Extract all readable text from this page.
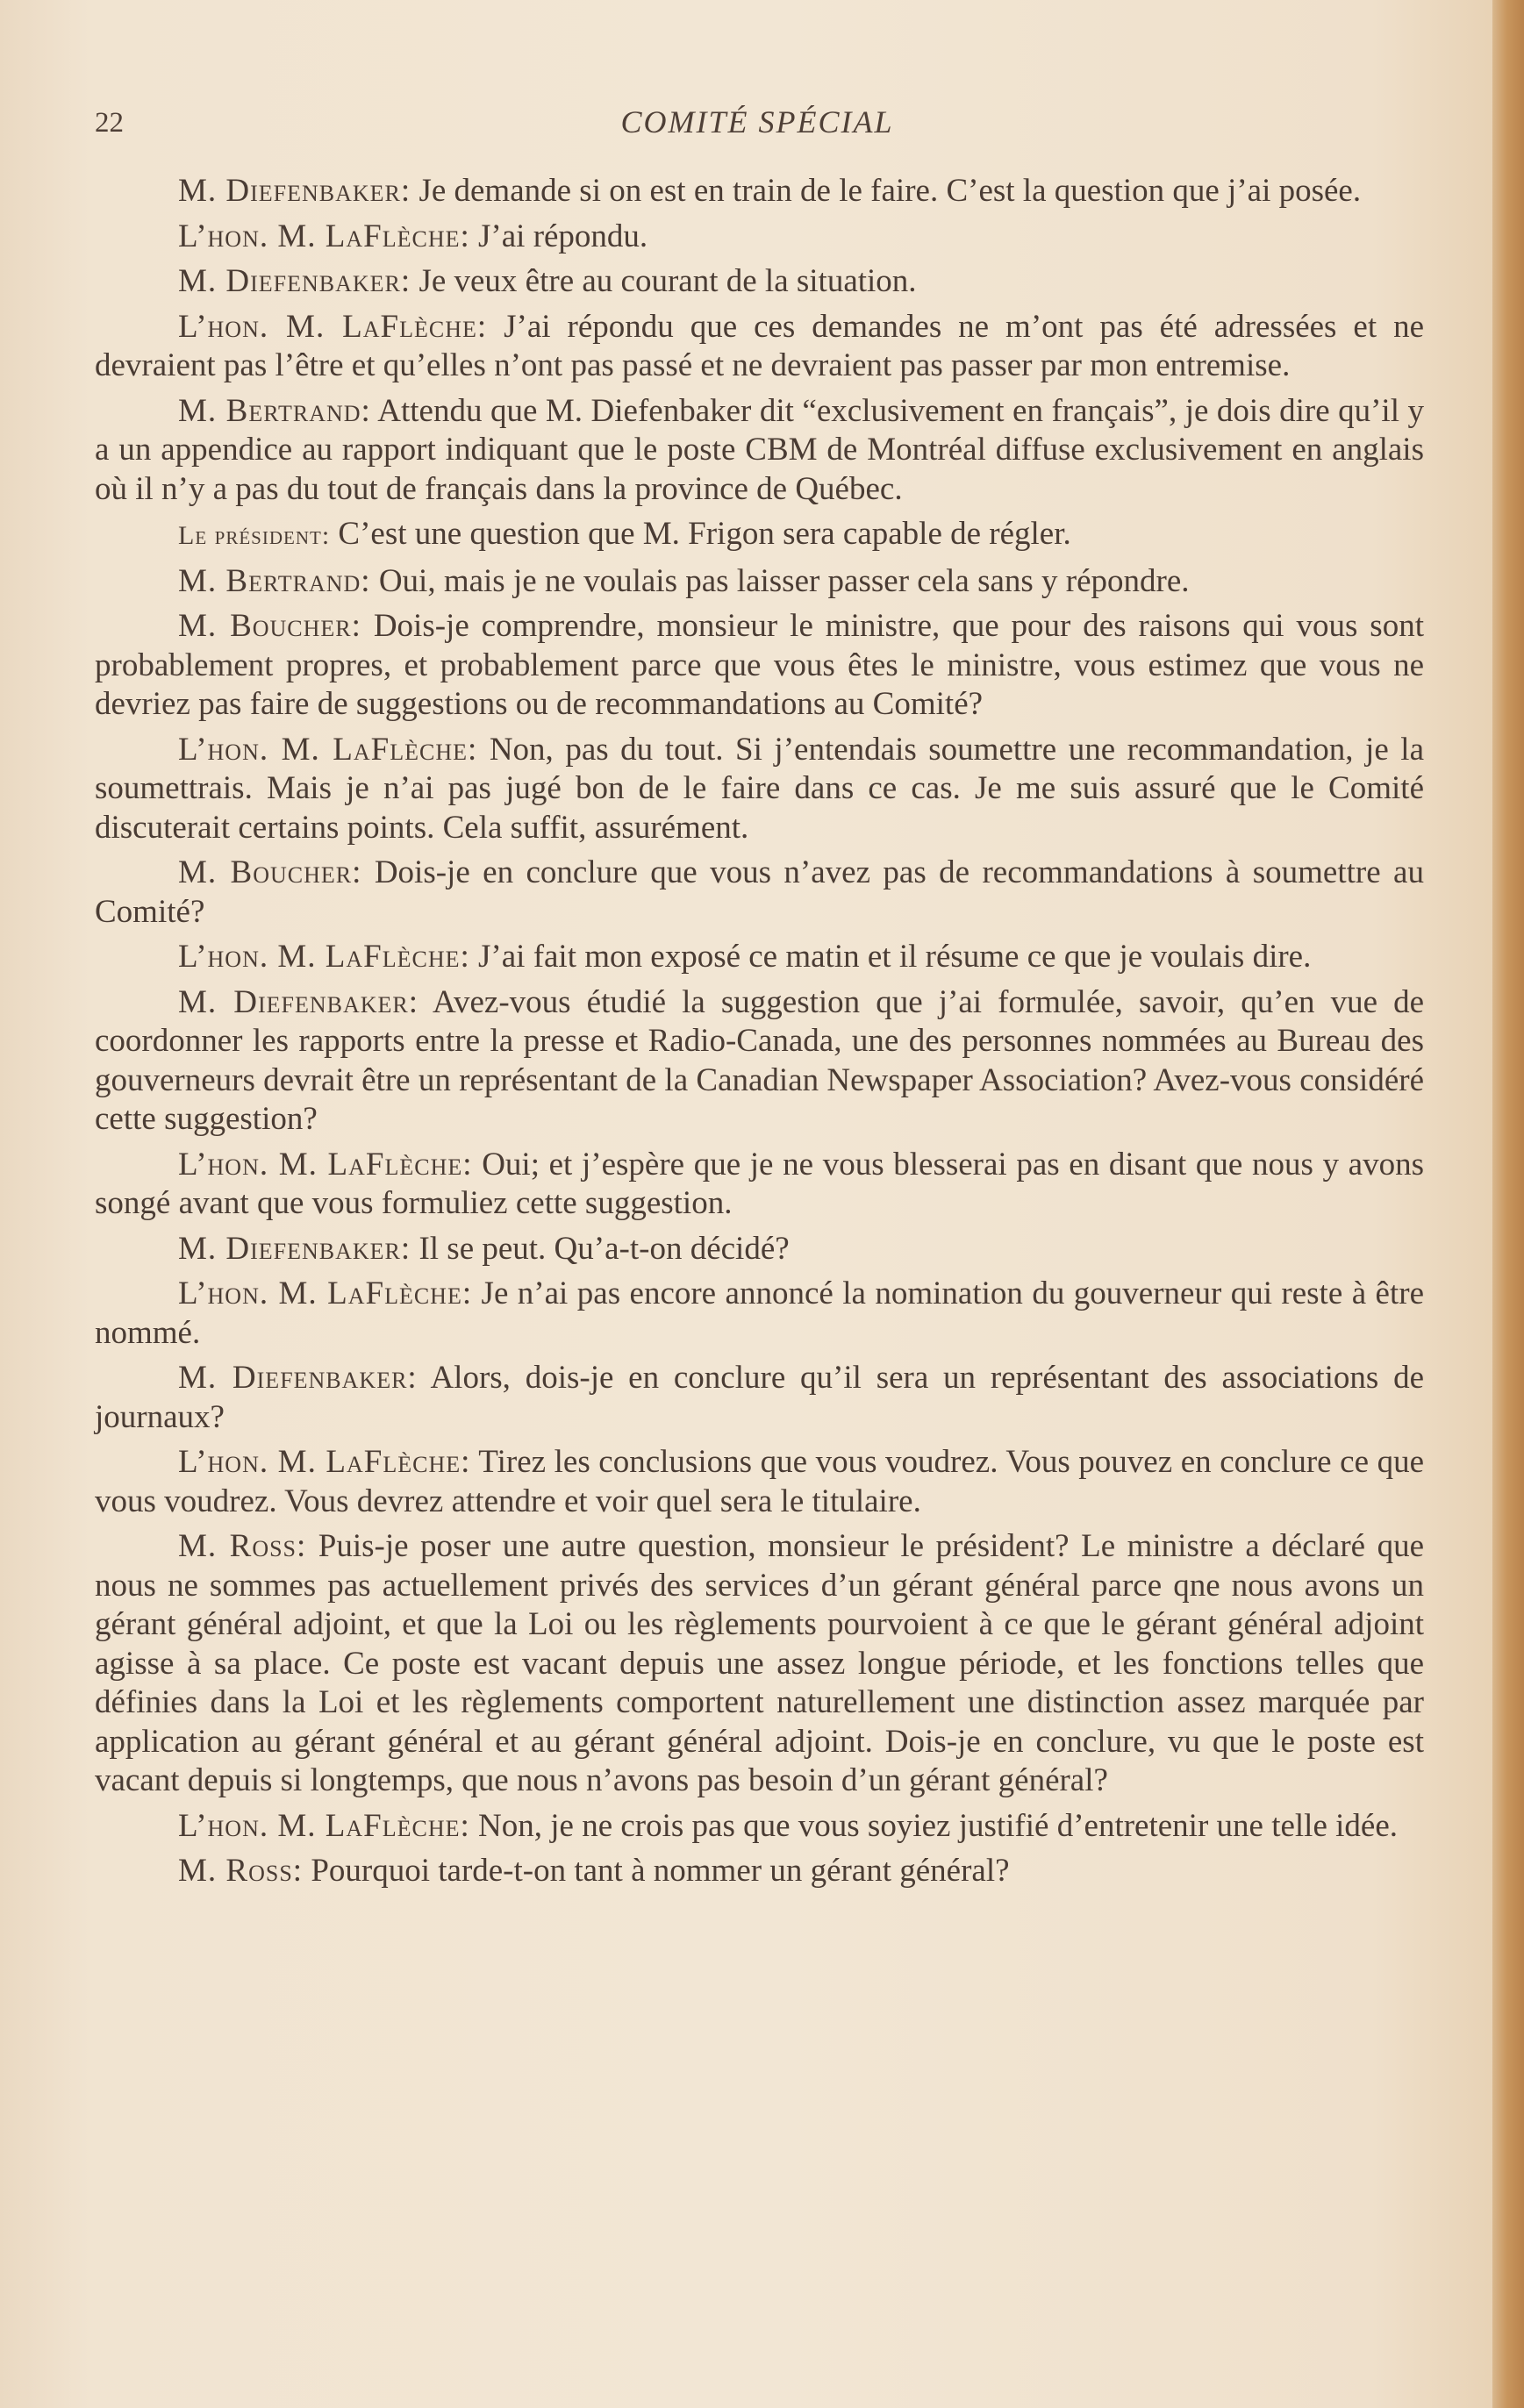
22	COMITÉ SPÉCIAL

M. Diefenbaker: Je demande si on est en train de le faire. C’est la question que j’ai posée.

L’hon. M. LaFlèche: J’ai répondu.

M. Diefenbaker: Je veux être au courant de la situation.

L’hon. M. LaFlèche: J’ai répondu que ces demandes ne m’ont pas été adressées et ne devraient pas l’être et qu’elles n’ont pas passé et ne devraient pas passer par mon entremise.

M. Bertrand: Attendu que M. Diefenbaker dit “exclusivement en français”, je dois dire qu’il y a un appendice au rapport indiquant que le poste CBM de Montréal diffuse exclusivement en anglais où il n’y a pas du tout de français dans la province de Québec.

Le président: C’est une question que M. Frigon sera capable de régler.

M. Bertrand: Oui, mais je ne voulais pas laisser passer cela sans y répondre.

M. Boucher: Dois-je comprendre, monsieur le ministre, que pour des raisons qui vous sont probablement propres, et probablement parce que vous êtes le ministre, vous estimez que vous ne devriez pas faire de suggestions ou de recommandations au Comité?

L’hon. M. LaFlèche: Non, pas du tout. Si j’entendais soumettre une recommandation, je la soumettrais. Mais je n’ai pas jugé bon de le faire dans ce cas. Je me suis assuré que le Comité discuterait certains points. Cela suffit, assurément.

M. Boucher: Dois-je en conclure que vous n’avez pas de recommandations à soumettre au Comité?

L’hon. M. LaFlèche: J’ai fait mon exposé ce matin et il résume ce que je voulais dire.

M. Diefenbaker: Avez-vous étudié la suggestion que j’ai formulée, savoir, qu’en vue de coordonner les rapports entre la presse et Radio-Canada, une des personnes nommées au Bureau des gouverneurs devrait être un représentant de la Canadian Newspaper Association? Avez-vous considéré cette suggestion?

L’hon. M. LaFlèche: Oui; et j’espère que je ne vous blesserai pas en disant que nous y avons songé avant que vous formuliez cette suggestion.

M. Diefenbaker: Il se peut. Qu’a-t-on décidé?

L’hon. M. LaFlèche: Je n’ai pas encore annoncé la nomination du gouverneur qui reste à être nommé.

M. Diefenbaker: Alors, dois-je en conclure qu’il sera un représentant des associations de journaux?

L’hon. M. LaFlèche: Tirez les conclusions que vous voudrez. Vous pouvez en conclure ce que vous voudrez. Vous devrez attendre et voir quel sera le titulaire.

M. Ross: Puis-je poser une autre question, monsieur le président? Le ministre a déclaré que nous ne sommes pas actuellement privés des services d’un gérant général parce qne nous avons un gérant général adjoint, et que la Loi ou les règlements pourvoient à ce que le gérant général adjoint agisse à sa place. Ce poste est vacant depuis une assez longue période, et les fonctions telles que définies dans la Loi et les règlements comportent naturellement une distinction assez marquée par application au gérant général et au gérant général adjoint. Dois-je en conclure, vu que le poste est vacant depuis si longtemps, que nous n’avons pas besoin d’un gérant général?

L’hon. M. LaFlèche: Non, je ne crois pas que vous soyiez justifié d’entretenir une telle idée.

M. Ross: Pourquoi tarde-t-on tant à nommer un gérant général?
